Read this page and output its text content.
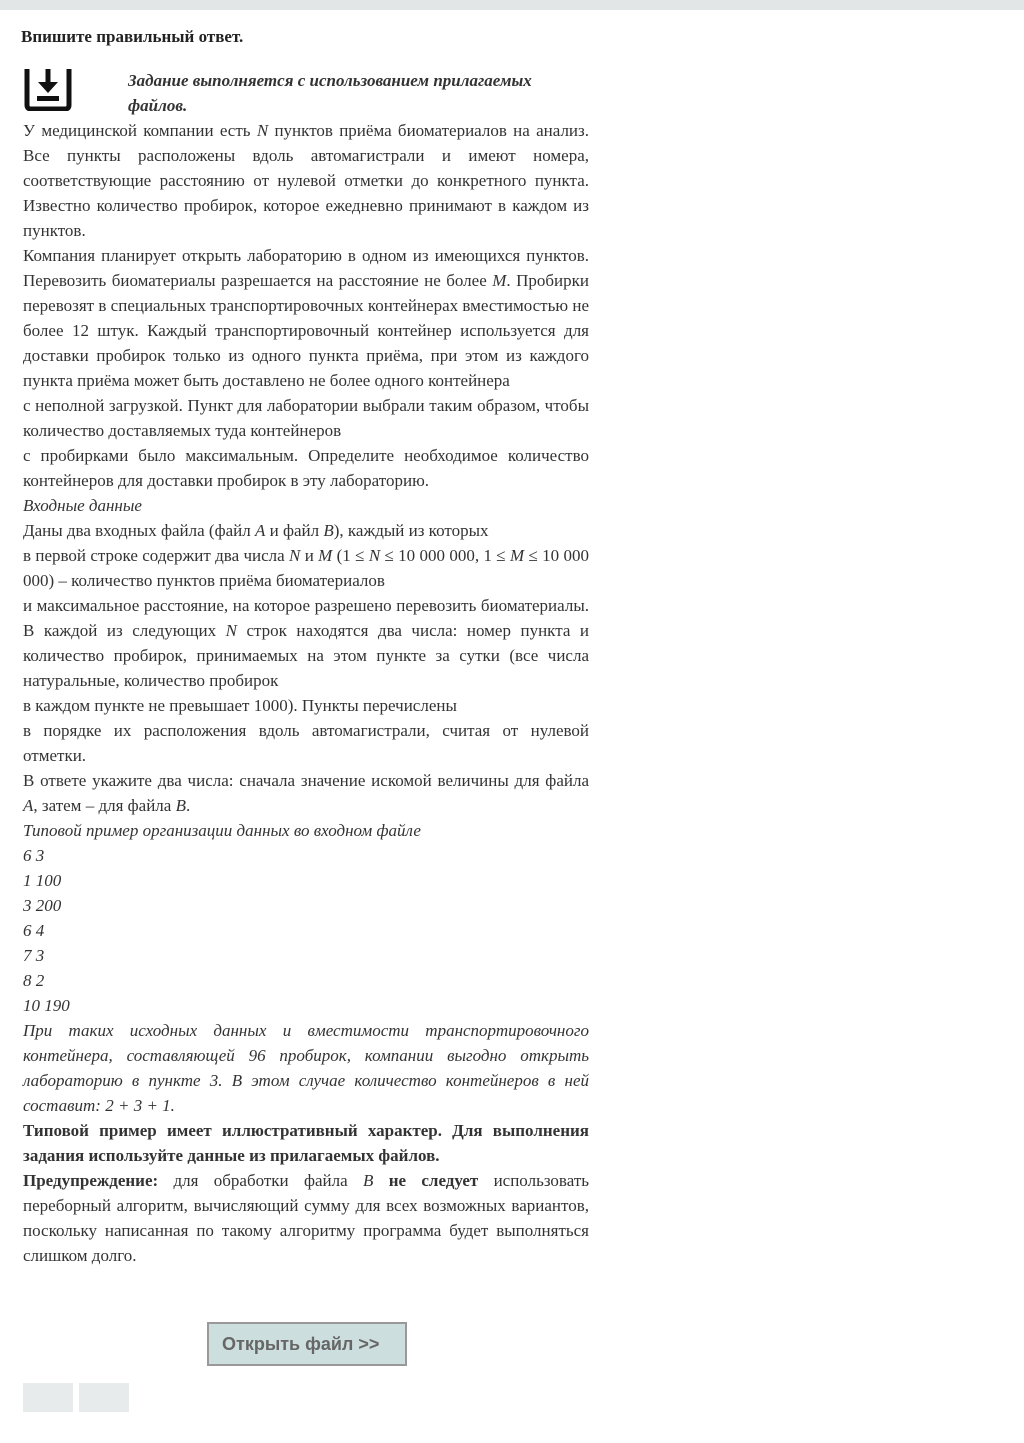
Впишите правильный ответ.
Задание выполняется с использованием прилагаемых файлов.

У медицинской компании есть N пунктов приёма биоматериалов на анализ. Все пункты расположены вдоль автомагистрали и имеют номера, соответствующие расстоянию от нулевой отметки до конкретного пункта. Известно количество пробирок, которое ежедневно принимают в каждом из пунктов.

Компания планирует открыть лабораторию в одном из имеющихся пунктов. Перевозить биоматериалы разрешается на расстояние не более M. Пробирки перевозят в специальных транспортировочных контейнерах вместимостью не более 12 штук. Каждый транспортировочный контейнер используется для доставки пробирок только из одного пункта приёма, при этом из каждого пункта приёма может быть доставлено не более одного контейнера

с неполной загрузкой. Пункт для лаборатории выбрали таким образом, чтобы количество доставляемых туда контейнеров

с пробирками было максимальным. Определите необходимое количество контейнеров для доставки пробирок в эту лабораторию.

Входные данные

Даны два входных файла (файл A и файл B), каждый из которых

в первой строке содержит два числа N и M (1 ≤ N ≤ 10 000 000, 1 ≤ M ≤ 10 000 000) – количество пунктов приёма биоматериалов

и максимальное расстояние, на которое разрешено перевозить биоматериалы. В каждой из следующих N строк находятся два числа: номер пункта и количество пробирок, принимаемых на этом пункте за сутки (все числа натуральные, количество пробирок

в каждом пункте не превышает 1000). Пункты перечислены

в порядке их расположения вдоль автомагистрали, считая от нулевой отметки.

В ответе укажите два числа: сначала значение искомой величины для файла A, затем – для файла B.

Типовой пример организации данных во входном файле

6 3

1 100

3 200

6 4

7 3

8 2

10 190

При таких исходных данных и вместимости транспортировочного контейнера, составляющей 96 пробирок, компании выгодно открыть лабораторию в пункте 3. В этом случае количество контейнеров в ней составит: 2 + 3 + 1.

Типовой пример имеет иллюстративный характер. Для выполнения задания используйте данные из прилагаемых файлов.

Предупреждение: для обработки файла B не следует использовать переборный алгоритм, вычисляющий сумму для всех возможных вариантов, поскольку написанная по такому алгоритму программа будет выполняться слишком долго.

Открыть файл >>
